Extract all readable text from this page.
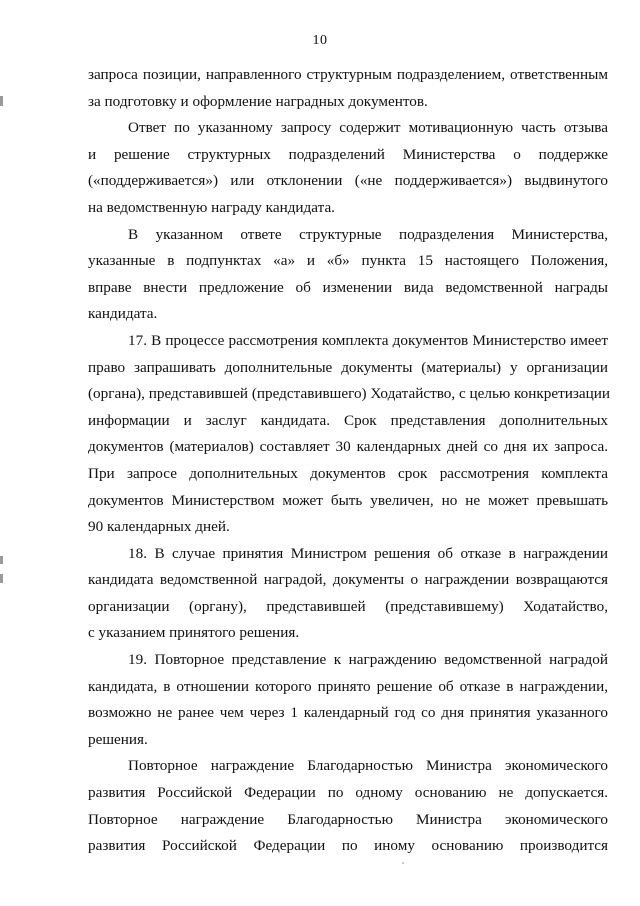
10
запроса позиции, направленного структурным подразделением, ответственным
за подготовку и оформление наградных документов.
Ответ по указанному запросу содержит мотивационную часть отзыва
и решение структурных подразделений Министерства о поддержке
(«поддерживается») или отклонении («не поддерживается») выдвинутого
на ведомственную награду кандидата.
В указанном ответе структурные подразделения Министерства,
указанные в подпунктах «а» и «б» пункта 15 настоящего Положения,
вправе внести предложение об изменении вида ведомственной награды
кандидата.
17. В процессе рассмотрения комплекта документов Министерство имеет
право запрашивать дополнительные документы (материалы) у организации
(органа), представившей (представившего) Ходатайство, с целью конкретизации
информации и заслуг кандидата. Срок представления дополнительных
документов (материалов) составляет 30 календарных дней со дня их запроса.
При запросе дополнительных документов срок рассмотрения комплекта
документов Министерством может быть увеличен, но не может превышать
90 календарных дней.
18. В случае принятия Министром решения об отказе в награждении
кандидата ведомственной наградой, документы о награждении возвращаются
организации (органу), представившей (представившему) Ходатайство,
с указанием принятого решения.
19. Повторное представление к награждению ведомственной наградой
кандидата, в отношении которого принято решение об отказе в награждении,
возможно не ранее чем через 1 календарный год со дня принятия указанного
решения.
Повторное награждение Благодарностью Министра экономического
развития Российской Федерации по одному основанию не допускается.
Повторное награждение Благодарностью Министра экономического
развития Российской Федерации по иному основанию производится
